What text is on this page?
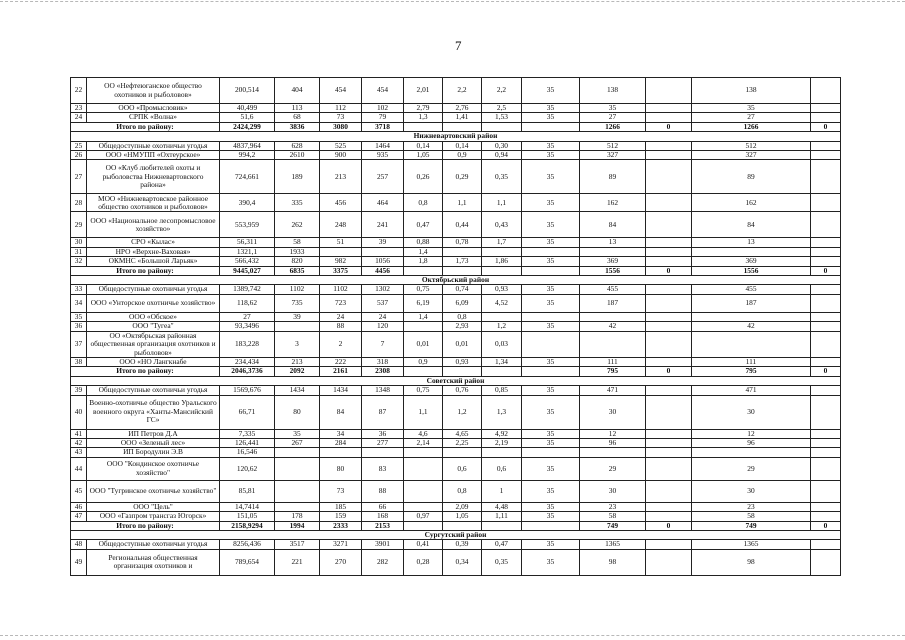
7
22	ОО «Нефтеюганское общество охотников и рыболовов»	200,514	404	454	454	2,01	2,2	2,2	35	138		138	
23	ООО «Промысловик»	40,499	113	112	102	2,79	2,76	2,5	35	35		35	
24	СРПК «Волна»	51,6	68	73	79	1,3	1,41	1,53	35	27		27	
Итого по району:		2424,299	3836	3080	3718					1266	0	1266	0
Нижневартовский район													
25	Общедоступные охотничьи угодья	4837,964	628	525	1464	0,14	0,14	0,30	35	512		512	
26	ООО «НМУПП «Охтеурское»	994,2	2610	900	935	1,05	0,9	0,94	35	327		327	
27	ОО «Клуб любителей охоты и рыболовства Нижневартовского района»	724,661	189	213	257	0,26	0,29	0,35	35	89		89	
28	МОО «Нижневартовское районное общество охотников и рыболовов»	390,4	335	456	464	0,8	1,1	1,1	35	162		162	
29	ООО «Национальное лесопромысловое хозяйство»	553,959	262	248	241	0,47	0,44	0,43	35	84		84	
30	СРО «Кылас»	56,311	58	51	39	0,88	0,78	1,7	35	13		13	
31	НРО «Верхне-Ваховая»	1321,1	1933			1,4							
32	ОКМНС «Большой Ларьяк»	566,432	820	982	1056	1,8	1,73	1,86	35	369		369	
Итого по району:		9445,027	6835	3375	4456					1556	0	1556	0
Октябрьский район													
33	Общедоступные охотничьи угодья	1389,742	1102	1102	1302	0,75	0,74	0,93	35	455		455	
34	ООО «Унторское охотничье хозяйство»	118,62	735	723	537	6,19	6,09	4,52	35	187		187	
35	ООО «Обское»	27	39	24	24	1,4	0,8						
36	ООО "Тугеа"	93,3496		88	120		2,93	1,2	35	42		42	
37	ОО «Октябрьская районная общественная организация охотников и рыболовов»	183,228	3	2	7	0,01	0,01	0,03					
38	ООО «НО Лангкнабе	234,434	213	222	318	0,9	0,93	1,34	35	111		111	
Итого по району:		2046,3736	2092	2161	2308					795	0	795	0
Советский район													
39	Общедоступные охотничьи угодья	1569,676	1434	1434	1348	0,75	0,76	0,85	35	471		471	
40	Военно-охотничье общество Уральского военного округа «Ханты-Мансийский ГС»	66,71	80	84	87	1,1	1,2	1,3	35	30		30	
41	ИП Петров Д.А	7,335	35	34	36	4,6	4,65	4,92	35	12		12	
42	ООО «Зеленый лес»	126,441	267	284	277	2,14	2,25	2,19	35	96		96	
43	ИП Бородулин Э.В	16,546											
44	ООО "Кондинское охотничье хозяйство"	120,62		80	83		0,6	0,6	35	29		29	
45	ООО "Тугринское охотничье хозяйство"	85,81		73	88		0,8	1	35	30		30	
46	ООО "Цель"	14,7414		185	66		2,09	4,48	35	23		23	
47	ООО «Газпром трансгаз Югорск»	151,05	178	159	168	0,97	1,05	1,11	35	58		58	
Итого по району:		2158,9294	1994	2333	2153					749	0	749	0
Сургутский район													
48	Общедоступные охотничьи угодья	8256,436	3517	3271	3901	0,41	0,39	0,47	35	1365		1365	
49	Региональная общественная организация охотников и	789,654	221	270	282	0,28	0,34	0,35	35	98		98	
